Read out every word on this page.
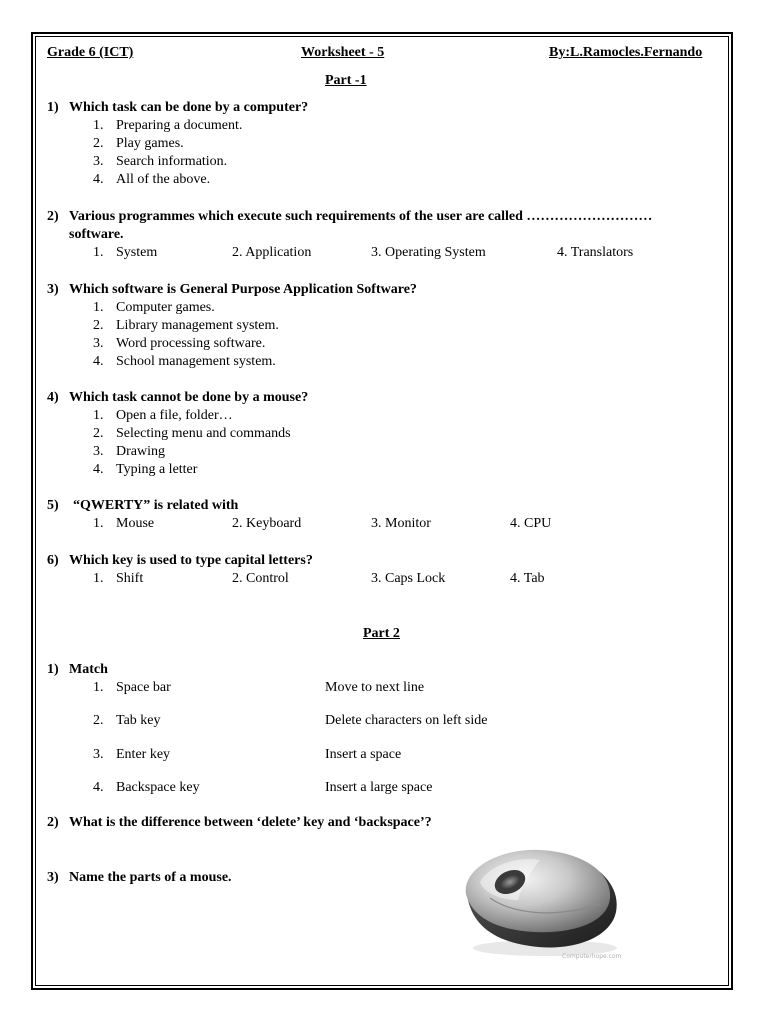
Grade 6 (ICT)	Worksheet - 5	By:L.Ramocles.Fernando
Part -1
1) Which task can be done by a computer?
1. Preparing a document.
2. Play games.
3. Search information.
4. All of the above.
2) Various programmes which execute such requirements of the user are called ………………………
software.
1. System	2. Application	3. Operating System	4. Translators
3) Which software is General Purpose Application Software?
1. Computer games.
2. Library management system.
3. Word processing software.
4. School management system.
4) Which task cannot be done by a mouse?
1. Open a file, folder…
2. Selecting menu and commands
3. Drawing
4. Typing a letter
5) “QWERTY” is related with
1. Mouse	2. Keyboard	3. Monitor	4. CPU
6) Which key is used to type capital letters?
1. Shift	2. Control	3. Caps Lock	4. Tab
Part 2
1) Match
1. Space bar	Move to next line
2. Tab key	Delete characters on left side
3. Enter key	Insert a space
4. Backspace key	Insert a large space
2) What is the difference between ‘delete’ key and ‘backspace’?
3) Name the parts of a mouse.
Computerhope.com
